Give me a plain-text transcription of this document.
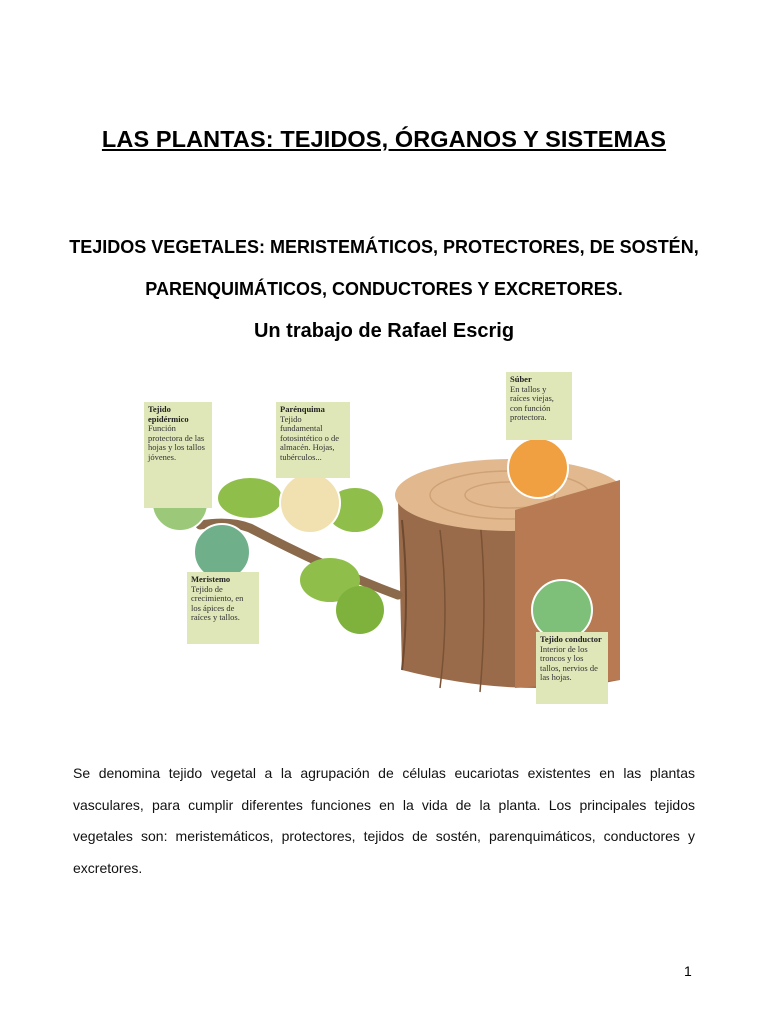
LAS PLANTAS: TEJIDOS, ÓRGANOS Y SISTEMAS
TEJIDOS VEGETALES: MERISTEMÁTICOS, PROTECTORES, DE SOSTÉN, PARENQUIMÁTICOS, CONDUCTORES Y EXCRETORES.
Un trabajo de Rafael Escrig
Tejido epidérmico
Función protectora de las hojas y los tallos jóvenes.
Parénquima
Tejido fundamental fotosintético o de almacén. Hojas, tubérculos...
Súber
En tallos y raíces viejas, con función protectora.
Meristemo
Tejido de crecimiento, en los ápices de raíces y tallos.
Tejido conductor
Interior de los troncos y los tallos, nervios de las hojas.
Se denomina tejido vegetal a la agrupación de células eucariotas existentes en las plantas vasculares, para cumplir diferentes funciones en la vida de la planta. Los principales tejidos vegetales son: meristemáticos, protectores, tejidos de sostén, parenquimáticos, conductores y excretores.
1
